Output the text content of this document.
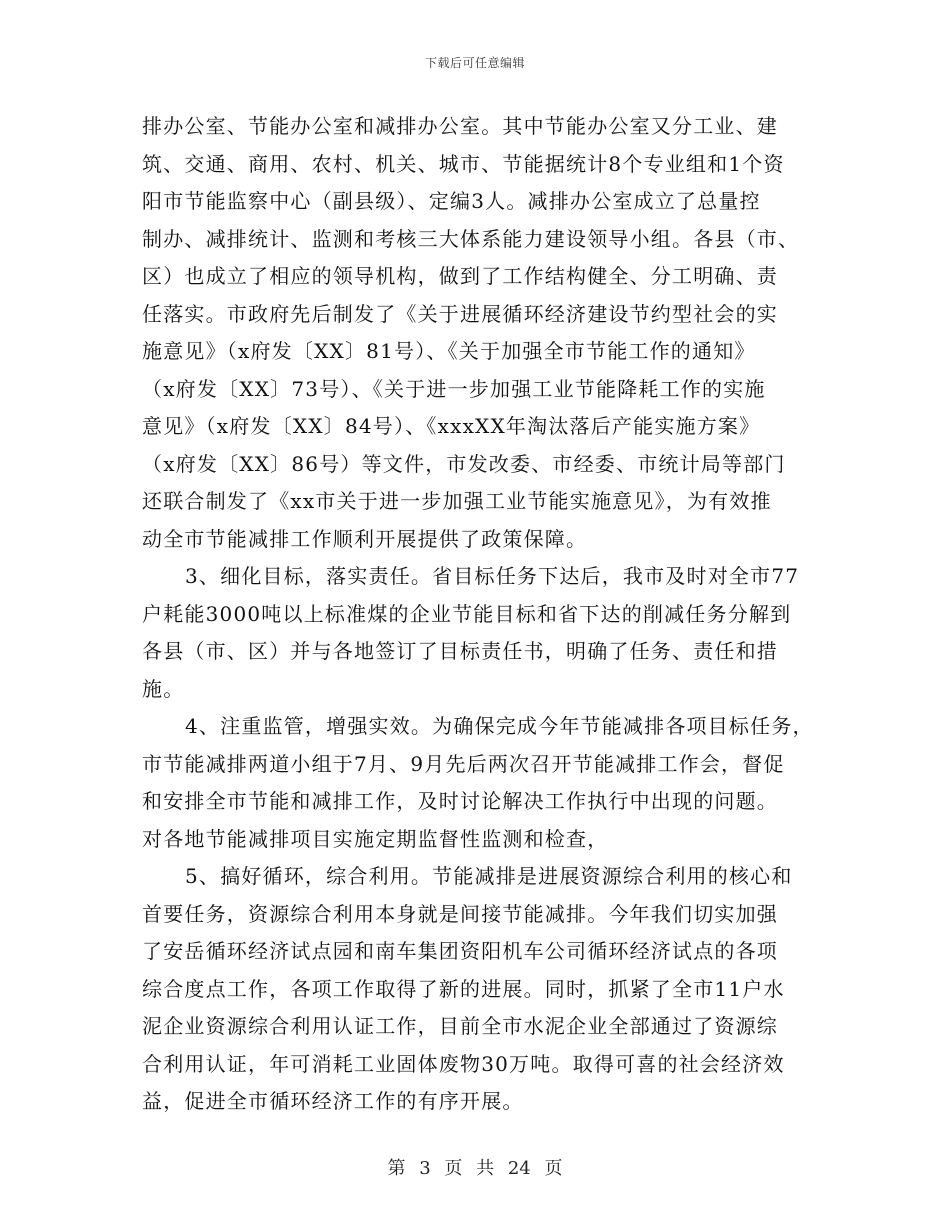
下载后可任意编辑
排办公室、节能办公室和减排办公室。其中节能办公室又分工业、建
筑、交通、商用、农村、机关、城市、节能据统计8个专业组和1个资
阳市节能监察中心（副县级）、定编3人。减排办公室成立了总量控
制办、减排统计、监测和考核三大体系能力建设领导小组。各县（市、
区）也成立了相应的领导机构，做到了工作结构健全、分工明确、责
任落实。市政府先后制发了《关于进展循环经济建设节约型社会的实
施意见》（x府发〔XX〕81号）、《关于加强全市节能工作的通知》
（x府发〔XX〕73号）、《关于进一步加强工业节能降耗工作的实施
意见》（x府发〔XX〕84号）、《xxxXX年淘汰落后产能实施方案》
（x府发〔XX〕86号）等文件，市发改委、市经委、市统计局等部门
还联合制发了《xx市关于进一步加强工业节能实施意见》，为有效推
动全市节能减排工作顺利开展提供了政策保障。
3、细化目标，落实责任。省目标任务下达后，我市及时对全市77
户耗能3000吨以上标准煤的企业节能目标和省下达的削减任务分解到
各县（市、区）并与各地签订了目标责任书，明确了任务、责任和措
施。
4、注重监管，增强实效。为确保完成今年节能减排各项目标任务，
市节能减排两道小组于7月、9月先后两次召开节能减排工作会，督促
和安排全市节能和减排工作，及时讨论解决工作执行中出现的问题。
对各地节能减排项目实施定期监督性监测和检查，
5、搞好循环，综合利用。节能减排是进展资源综合利用的核心和
首要任务，资源综合利用本身就是间接节能减排。今年我们切实加强
了安岳循环经济试点园和南车集团资阳机车公司循环经济试点的各项
综合度点工作，各项工作取得了新的进展。同时，抓紧了全市11户水
泥企业资源综合利用认证工作，目前全市水泥企业全部通过了资源综
合利用认证，年可消耗工业固体废物30万吨。取得可喜的社会经济效
益，促进全市循环经济工作的有序开展。
第 3 页 共 24 页
